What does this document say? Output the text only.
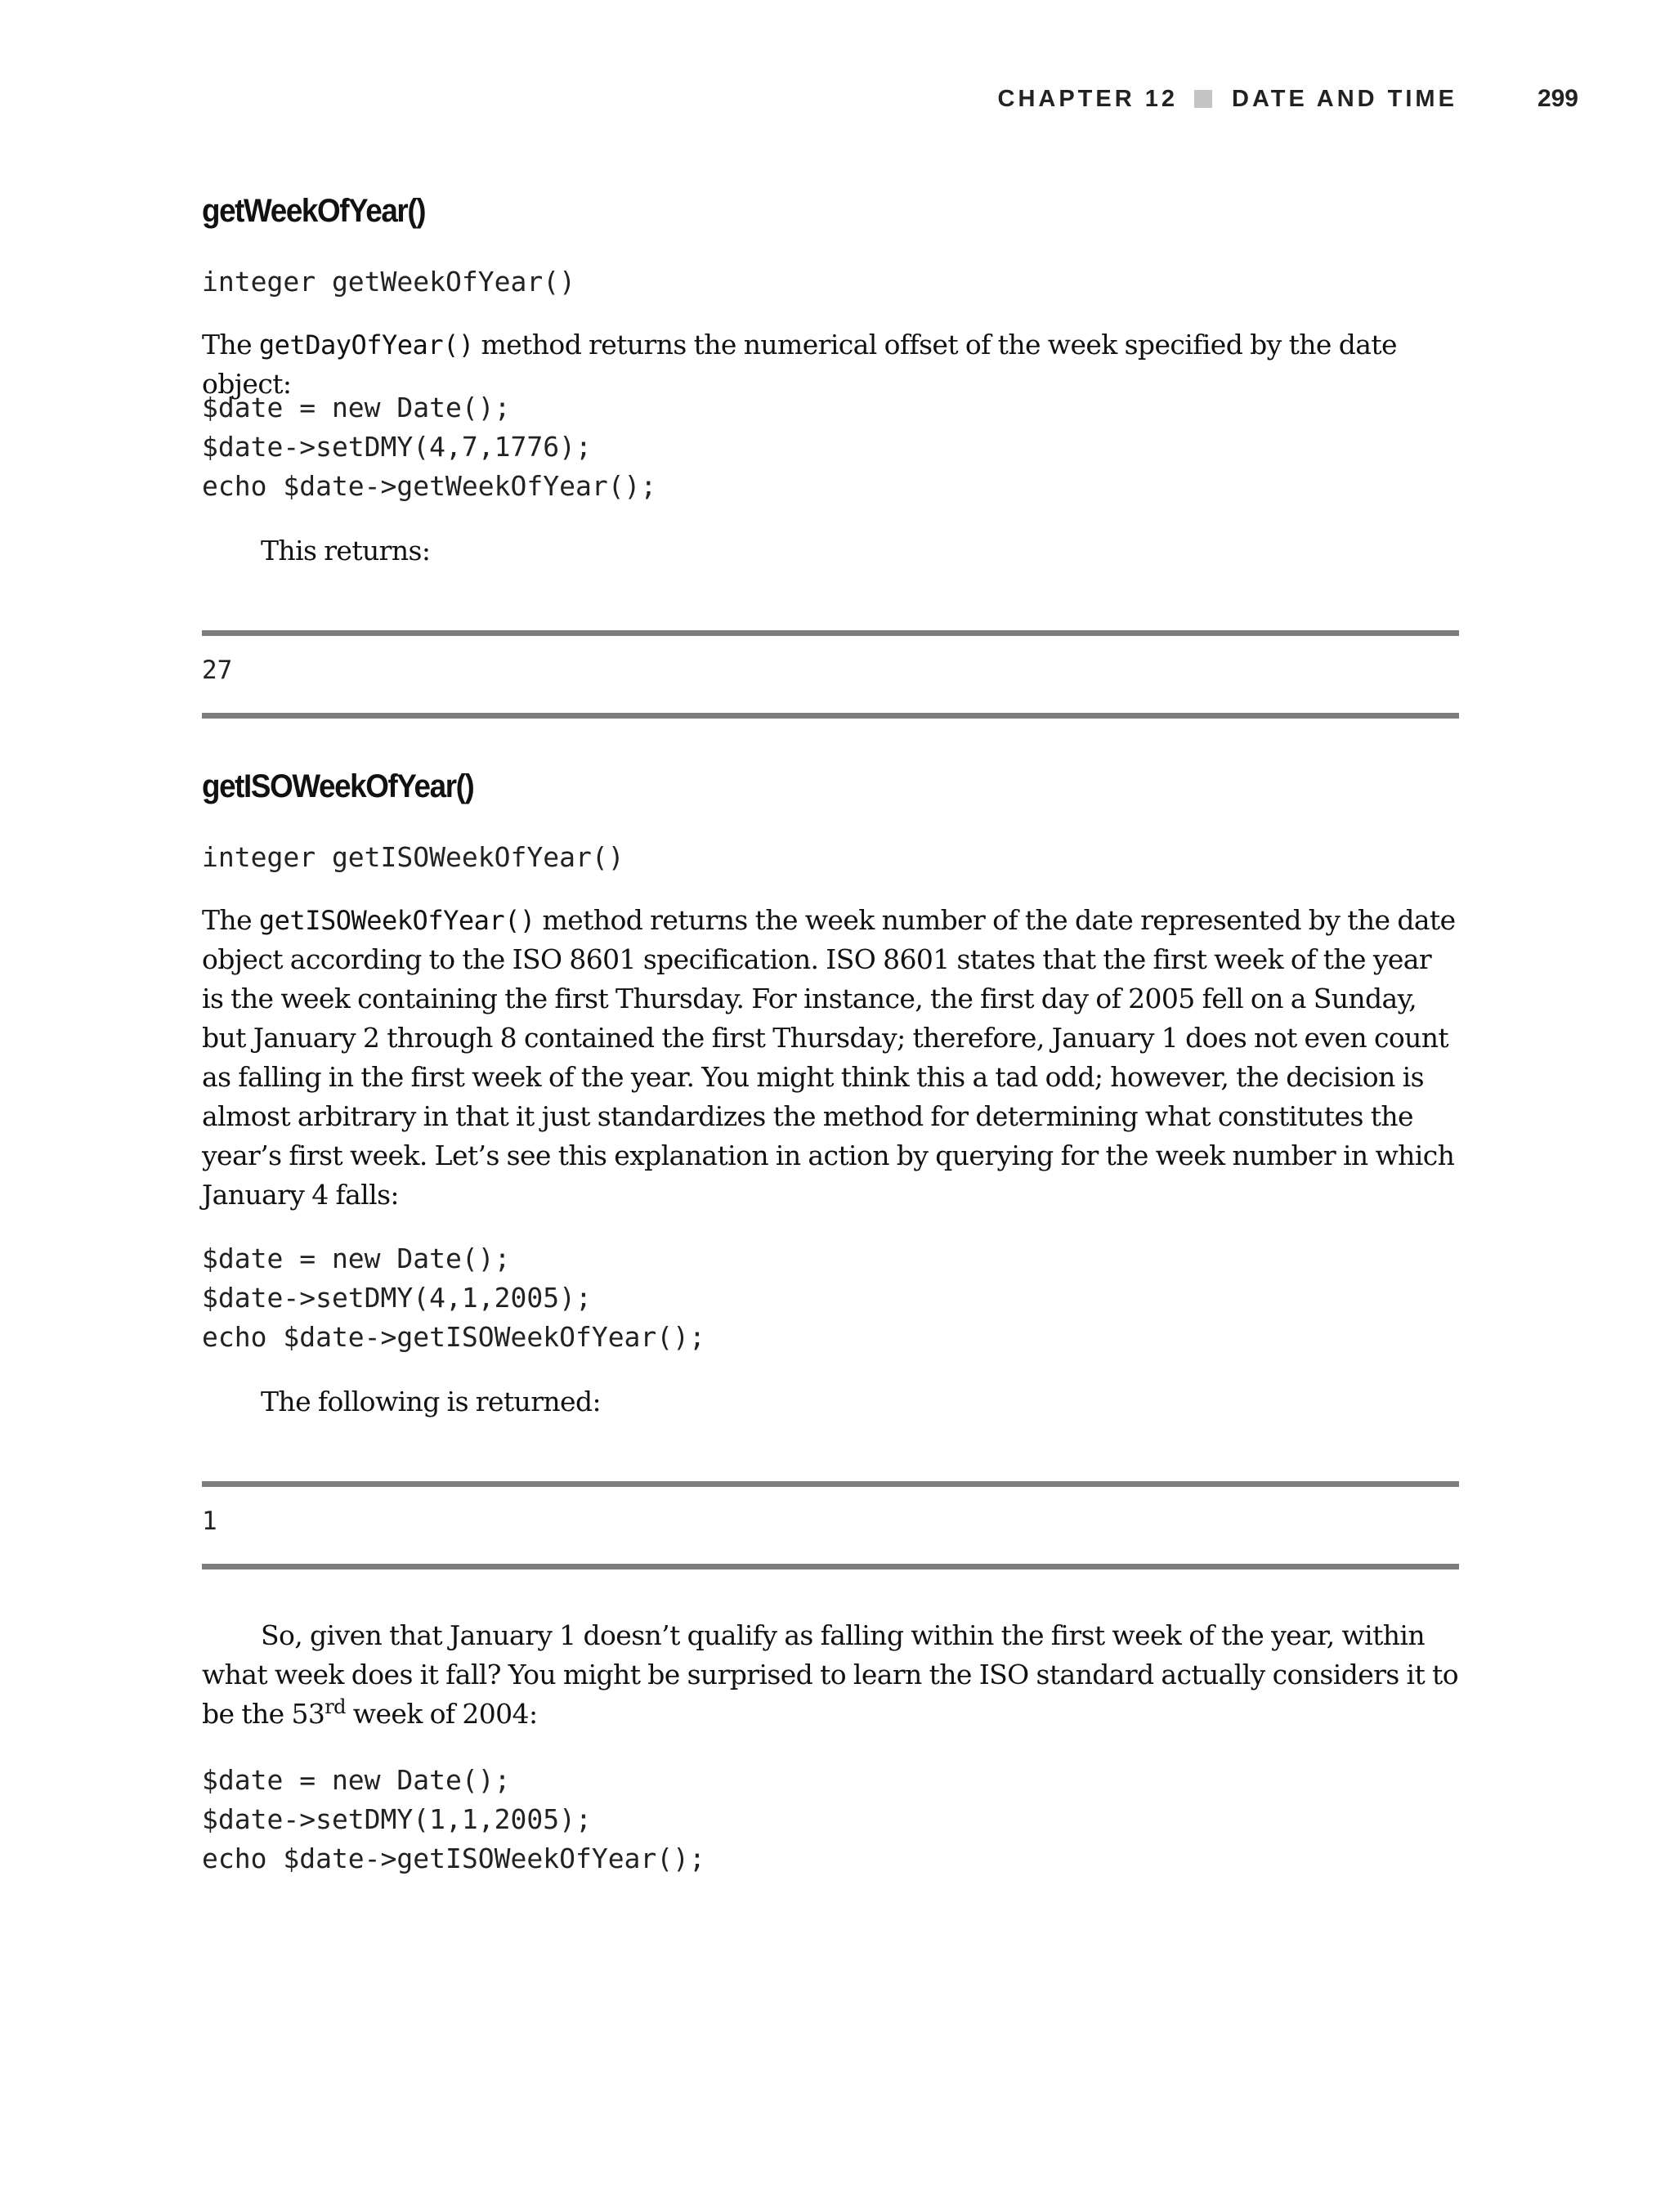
CHAPTER 12 DATE AND TIME	299
getWeekOfYear()
integer getWeekOfYear()
The getDayOfYear() method returns the numerical offset of the week specified by the date object:
$date = new Date();
$date->setDMY(4,7,1776);
echo $date->getWeekOfYear();
This returns:
27
getISOWeekOfYear()
integer getISOWeekOfYear()
The getISOWeekOfYear() method returns the week number of the date represented by the date object according to the ISO 8601 specification. ISO 8601 states that the first week of the year is the week containing the first Thursday. For instance, the first day of 2005 fell on a Sunday, but January 2 through 8 contained the first Thursday; therefore, January 1 does not even count as falling in the first week of the year. You might think this a tad odd; however, the decision is almost arbitrary in that it just standardizes the method for determining what constitutes the year’s first week. Let’s see this explanation in action by querying for the week number in which January 4 falls:
$date = new Date();
$date->setDMY(4,1,2005);
echo $date->getISOWeekOfYear();
The following is returned:
1
So, given that January 1 doesn’t qualify as falling within the first week of the year, within what week does it fall? You might be surprised to learn the ISO standard actually considers it to be the 53rd week of 2004:
$date = new Date();
$date->setDMY(1,1,2005);
echo $date->getISOWeekOfYear();
